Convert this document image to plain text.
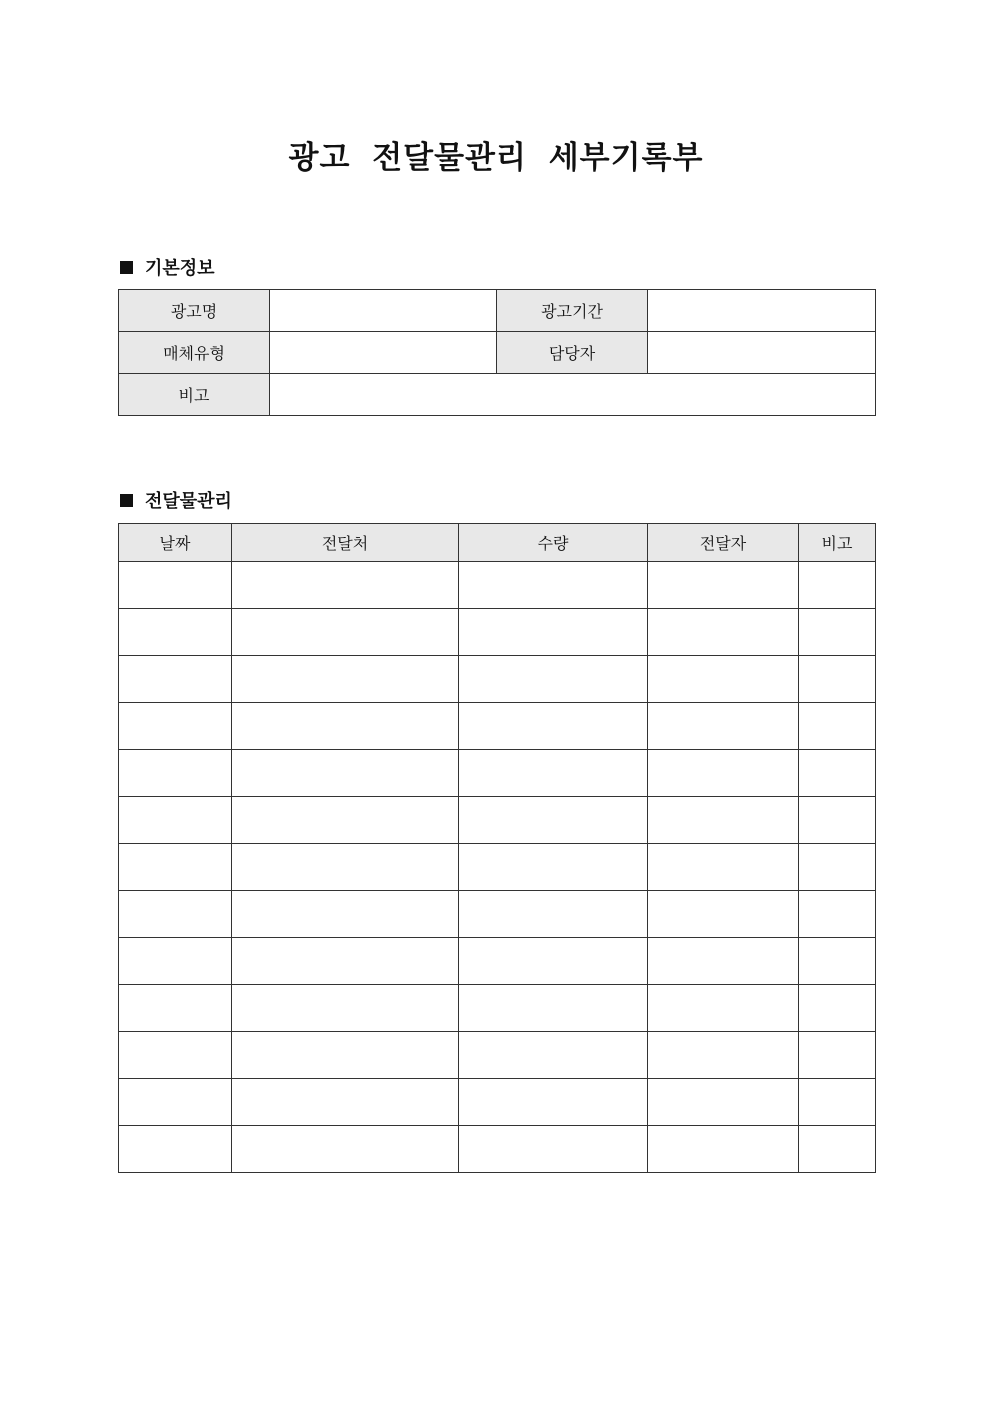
광고 전달물관리 세부기록부
기본정보
광고명		광고기간	
매체유형		담당자	
비고			
전달물관리
날짜	전달처	수량	전달자	비고
